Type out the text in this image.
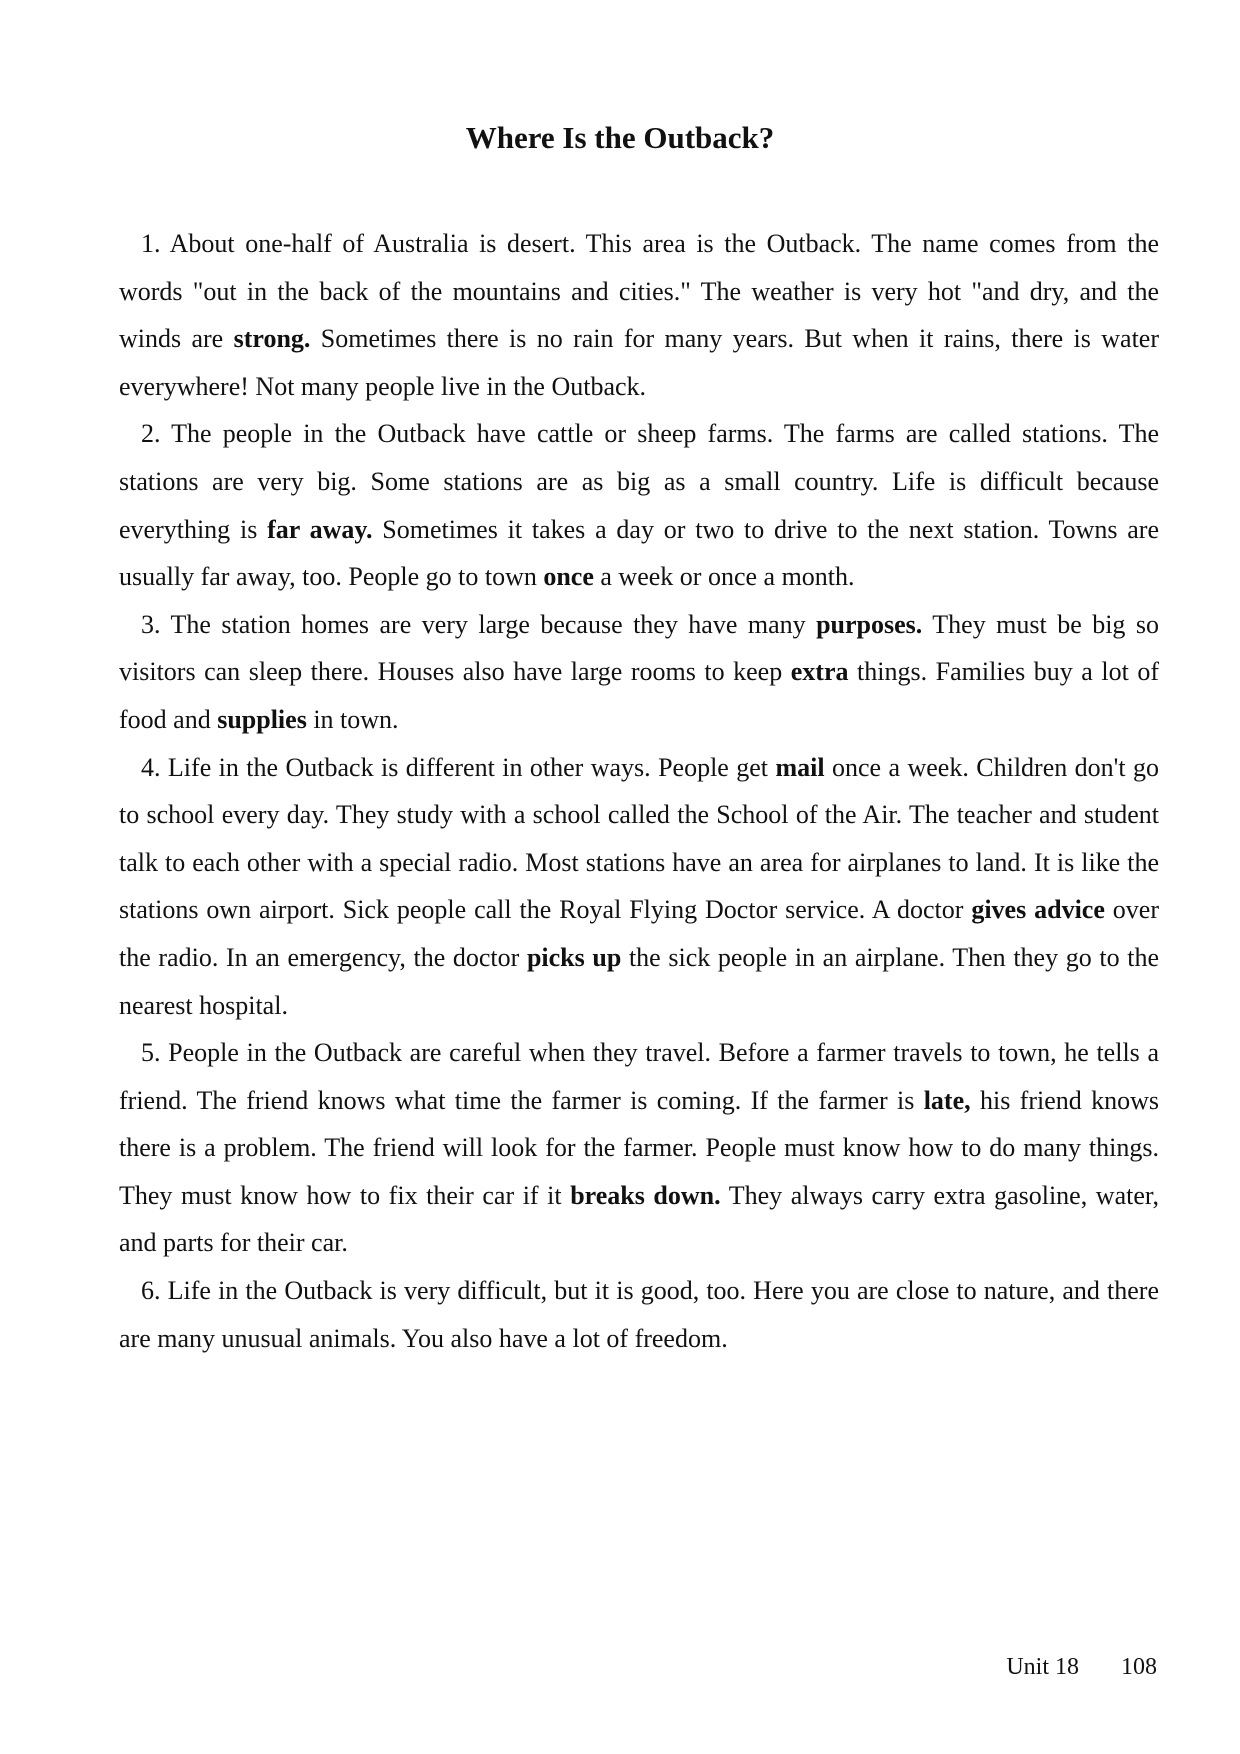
Where Is the Outback?

1. About one-half of Australia is desert. This area is the Outback. The name comes from the words "out in the back of the mountains and cities." The weather is very hot "and dry, and the winds are strong. Sometimes there is no rain for many years. But when it rains, there is water everywhere! Not many people live in the Outback.

2. The people in the Outback have cattle or sheep farms. The farms are called stations. The stations are very big. Some stations are as big as a small country. Life is difficult because everything is far away. Sometimes it takes a day or two to drive to the next station. Towns are usually far away, too. People go to town once a week or once a month.

3. The station homes are very large because they have many purposes. They must be big so visitors can sleep there. Houses also have large rooms to keep extra things. Families buy a lot of food and supplies in town.

4. Life in the Outback is different in other ways. People get mail once a week. Children don't go to school every day. They study with a school called the School of the Air. The teacher and student talk to each other with a special radio. Most stations have an area for airplanes to land. It is like the stations own airport. Sick people call the Royal Flying Doctor service. A doctor gives advice over the radio. In an emergency, the doctor picks up the sick people in an airplane. Then they go to the nearest hospital.

5. People in the Outback are careful when they travel. Before a farmer travels to town, he tells a friend. The friend knows what time the farmer is coming. If the farmer is late, his friend knows there is a problem. The friend will look for the farmer. People must know how to do many things. They must know how to fix their car if it breaks down. They always carry extra gasoline, water, and parts for their car.

6. Life in the Outback is very difficult, but it is good, too. Here you are close to nature, and there are many unusual animals. You also have a lot of freedom.

Unit 18 108
